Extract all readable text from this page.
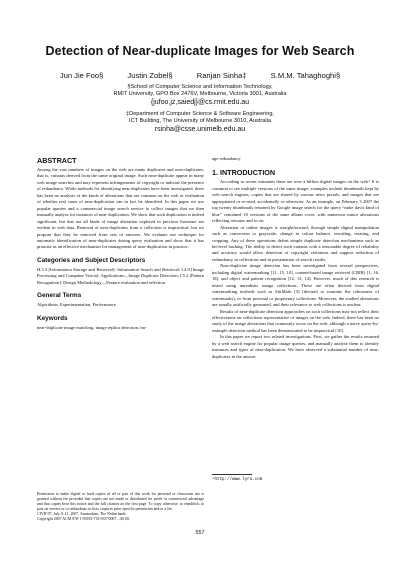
Detection of Near-duplicate Images for Web Search
Jun Jie Foo§	Justin Zobel§	Ranjan Sinha‡	S.M.M. Tahaghoghi§
§School of Computer Science and Information Technology,
RMIT University, GPO Box 2476V, Melbourne, Victoria 3001, Australia
{jufoo,jz,saiedj}@cs.rmit.edu.au
‡Department of Computer Science & Software Engineering,
ICT Building, The University of Melbourne 3010, Australia
rsinha@csse.unimelb.edu.au
ABSTRACT

Among the vast numbers of images on the web are many duplicates and near-duplicates, that is, variants derived from the same original image. Such near-duplicate appear in many web image searches and may represent infringements of copyright or indicate the presence of redundancy. While methods for identifying near-duplicates have been investigated, there has been no analysis of the kinds of alterations that are common on the web or evaluation of whether real cases of near-duplication can in fact be identified. In this paper we use popular queries and a commercial image search service to collect images that we then manually analyse for instances of near-duplication. We show that such duplication is indeed significant, but that not all kinds of image alteration explored in previous literature are evident in web data. Removal of near-duplicates from a collection is impractical, but we propose that they be removed from sets of answers. We evaluate our technique for automatic identification of near-duplicates during query evaluation and show that it has promise as an effective mechanism for management of near-duplication in practice.

Categories and Subject Descriptors

H.3.3 [Information Storage and Retrieval]: Information Search and Retrieval; I.4.9 [Image Processing and Computer Vision]: Applications—Image Duplicate Detection; I.5.2 [Pattern Recognition]: Design Methodology—Feature evaluation and selection

General Terms

Algorithms, Experimentation, Performance

Keywords

near-duplicate image matching, image replica detection, im-

Permission to make digital or hard copies of all or part of this work for personal or classroom use is granted without fee provided that copies are not made or distributed for profit or commercial advantage and that copies bear this notice and the full citation on the first page. To copy otherwise, to republish, to post on servers or to redistribute to lists, requires prior specific permission and/or a fee.
CIVR’07, July 9–11, 2007, Amsterdam, The Netherlands.
Copyright 2007 ACM 978-1-59593-733-9/07/0007 ...$5.00.

age redundancy

1. INTRODUCTION

According to recent estimates there are over a billion digital images on the web.¹ It is common to see multiple versions of the same image; examples include thumbnails kept by web search engines, copies that are shared by various news portals, and images that are appropriated or re-used, accidentally or otherwise. As an example, on February 3 2007 the top twenty thumbnails returned by Google image search for the query “mike davis kind of blue” contained 10 versions of the same album cover, with numerous minor alterations reflecting reissues and so on.

Alteration of online images is straightforward, through simple digital manipulation such as conversion to grayscale, change in colour balance, rescaling, rotating, and cropping. Any of these operations defeat simple duplicate detection mechanisms such as bit-level hashing. The ability to detect such variants with a reasonable degree of reliability and accuracy would allow detection of copyright violations and support reduction of redundancy in collections and in presentation of search results.

Near-duplicate image detection has been investigated from several perspectives, including digital watermarking [11, 15, 10], content-based image retrieval (CBIR) [1, 16, 18], and object and pattern recognition [12, 13, 14]. However, much of this research is tested using unrealistic image collections. These are often derived from digital watermarking testbeds such as StirMark [3] (devised to examine the robustness of watermarks), or from personal or proprietary collections. Moreover, the studied alterations are usually artificially generated, and their relevance to web collections is unclear.

Results of near-duplicate detection approaches on such collections may not reflect their effectiveness on collections representative of images on the web. Indeed, there has been no study of the image alterations that commonly occur on the web, although a naive query-by-example detection method has been demonstrated to be impractical [10].

In this paper we report two related investigations. First, we gather the results returned by a web search engine for popular image queries, and manually analyse them to identify instances and types of near-duplication. We have observed a substantial number of near-duplicates in the answer

¹http://www.lyra.com
557
